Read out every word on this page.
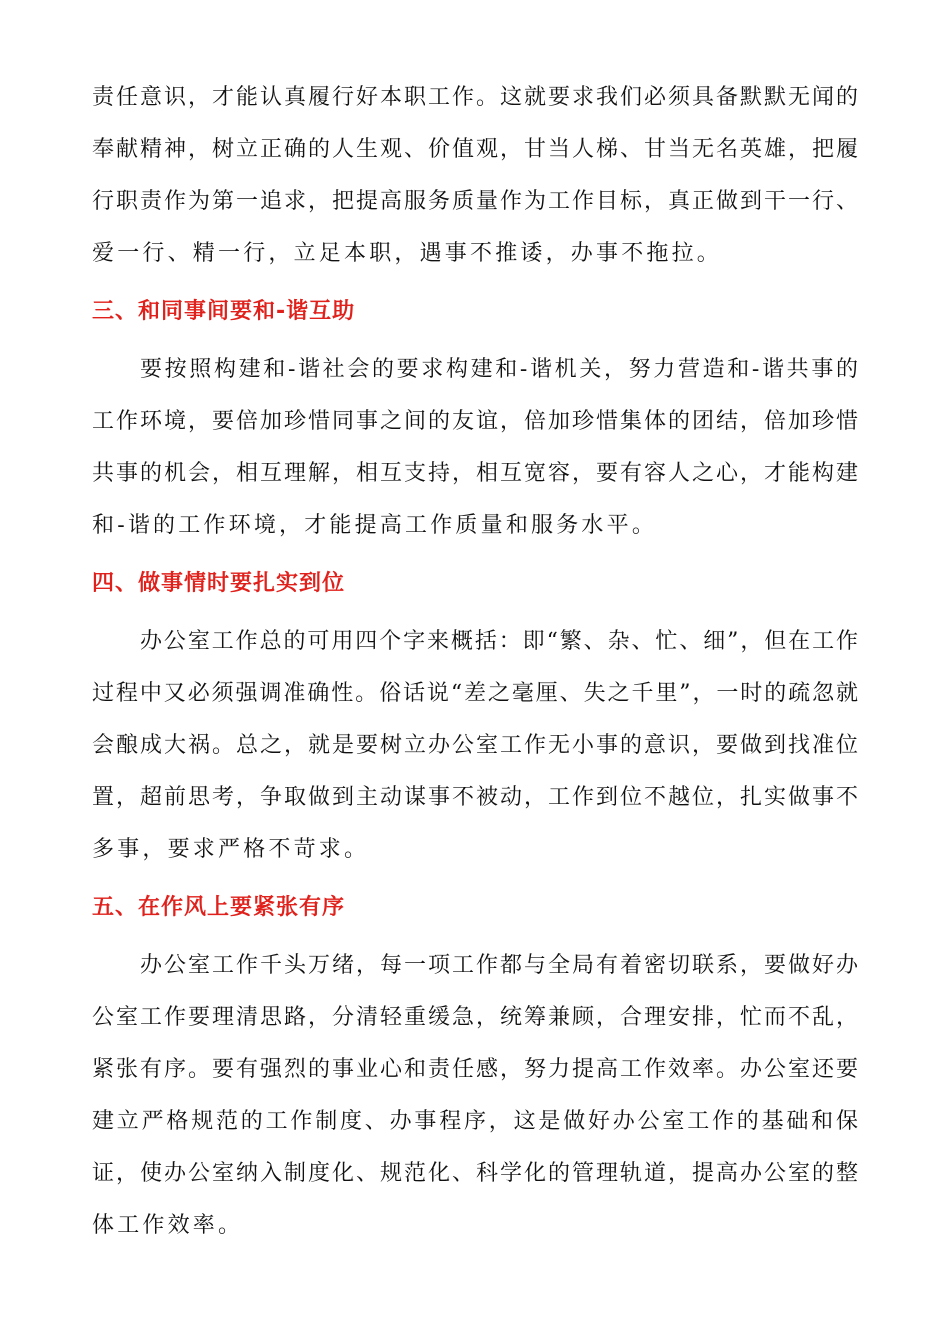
责任意识，才能认真履行好本职工作。这就要求我们必须具备默默无闻的
奉献精神，树立正确的人生观、价值观，甘当人梯、甘当无名英雄，把履
行职责作为第一追求，把提高服务质量作为工作目标，真正做到干一行、
爱一行、精一行，立足本职，遇事不推诿，办事不拖拉。
三、和同事间要和-谐互助
要按照构建和-谐社会的要求构建和-谐机关，努力营造和-谐共事的
工作环境，要倍加珍惜同事之间的友谊，倍加珍惜集体的团结，倍加珍惜
共事的机会，相互理解，相互支持，相互宽容，要有容人之心，才能构建
和-谐的工作环境，才能提高工作质量和服务水平。
四、做事情时要扎实到位
办公室工作总的可用四个字来概括：即“繁、杂、忙、细”，但在工作
过程中又必须强调准确性。俗话说“差之毫厘、失之千里”，一时的疏忽就
会酿成大祸。总之，就是要树立办公室工作无小事的意识，要做到找准位
置，超前思考，争取做到主动谋事不被动，工作到位不越位，扎实做事不
多事，要求严格不苛求。
五、在作风上要紧张有序
办公室工作千头万绪，每一项工作都与全局有着密切联系，要做好办
公室工作要理清思路，分清轻重缓急，统筹兼顾，合理安排，忙而不乱，
紧张有序。要有强烈的事业心和责任感，努力提高工作效率。办公室还要
建立严格规范的工作制度、办事程序，这是做好办公室工作的基础和保
证，使办公室纳入制度化、规范化、科学化的管理轨道，提高办公室的整
体工作效率。
